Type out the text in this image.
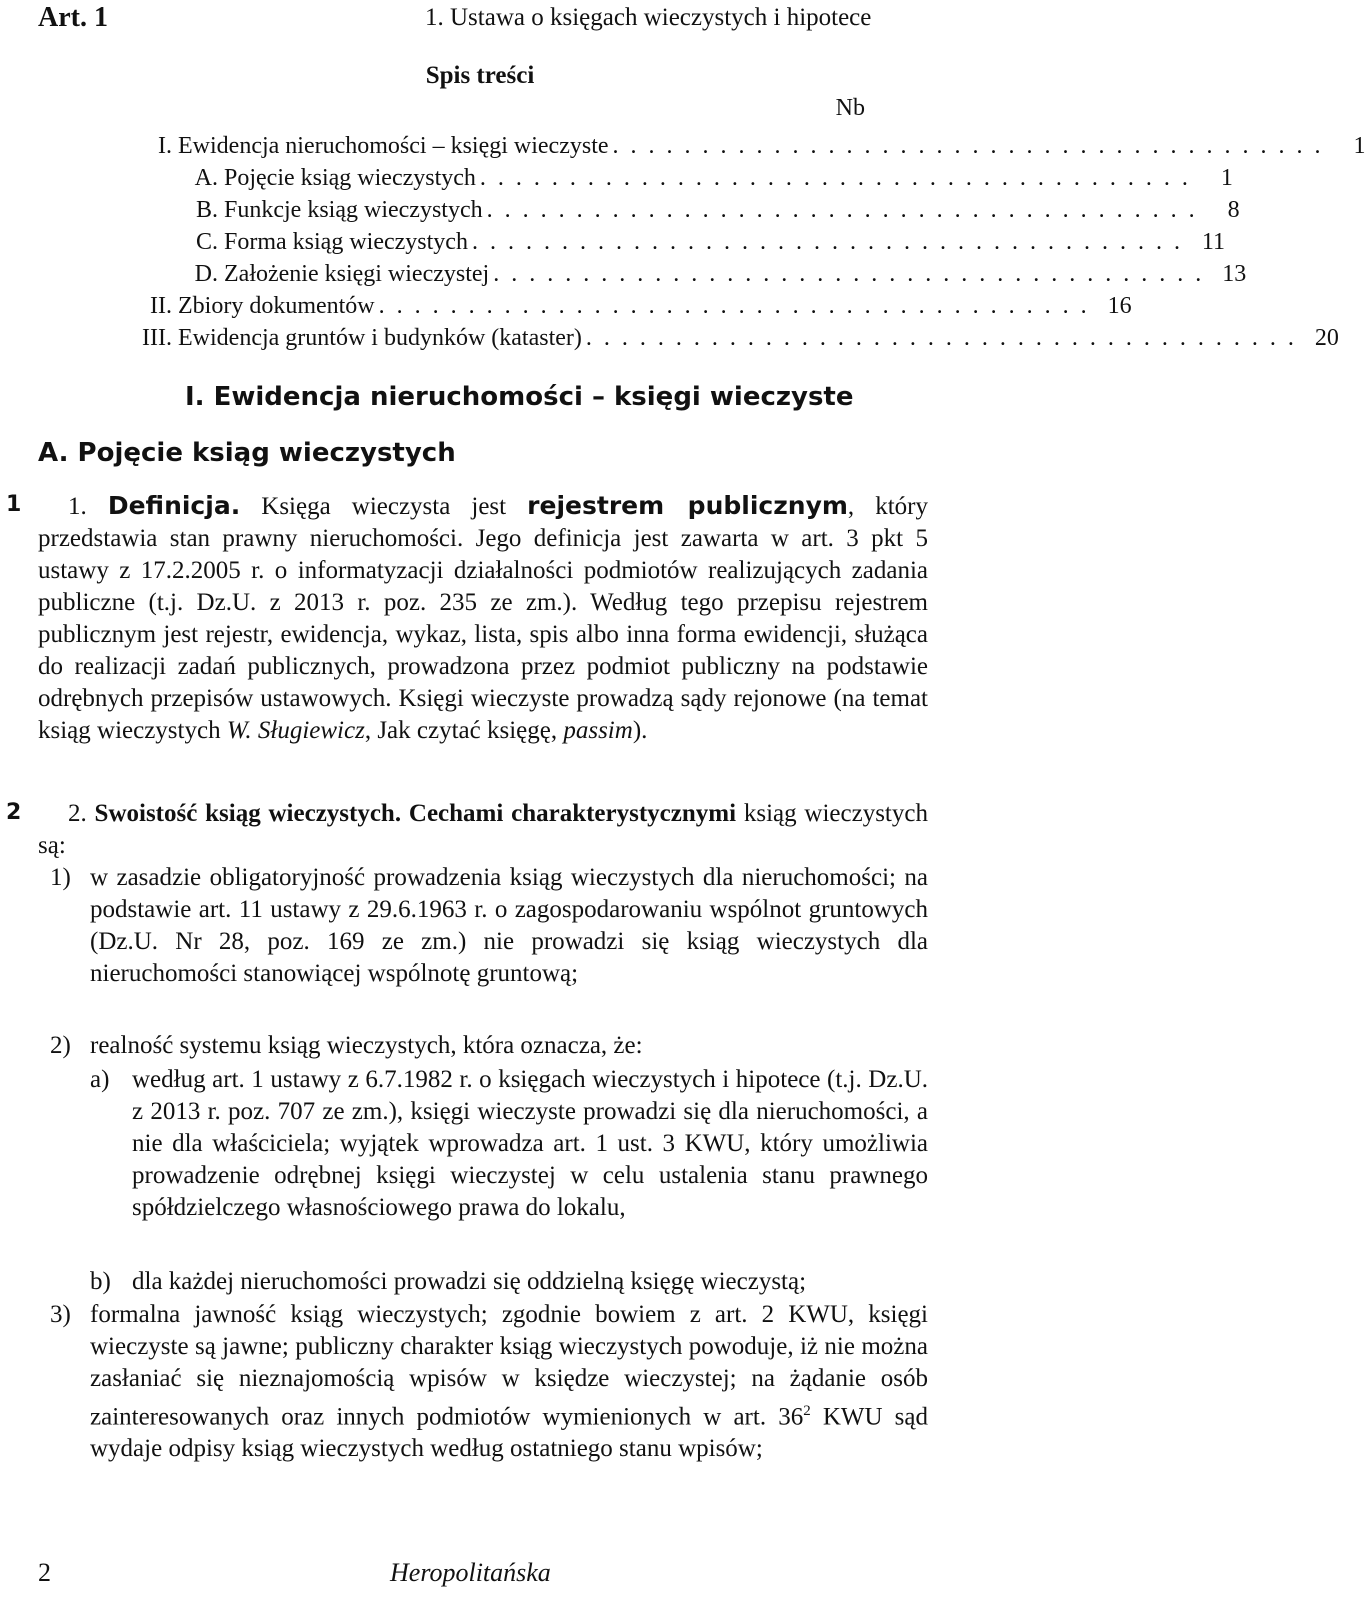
Art. 1	1. Ustawa o księgach wieczystych i hipotece
Spis treści
Nb
I. Ewidencja nieruchomości – księgi wieczyste . . . . . . . . . . . . . . . . . . . . . . . . . . . . . . . . . . . . . . . .	1
A. Pojęcie ksiąg wieczystych . . . . . . . . . . . . . . . . . . . . . . . . . . . . . . . . . . . . . . . .	1
B. Funkcje ksiąg wieczystych . . . . . . . . . . . . . . . . . . . . . . . . . . . . . . . . . . . . . . . .	8
C. Forma ksiąg wieczystych . . . . . . . . . . . . . . . . . . . . . . . . . . . . . . . . . . . . . . . . 11
D. Założenie księgi wieczystej . . . . . . . . . . . . . . . . . . . . . . . . . . . . . . . . . . . . . . . . 13
II. Zbiory dokumentów . . . . . . . . . . . . . . . . . . . . . . . . . . . . . . . . . . . . . . . . 16
III. Ewidencja gruntów i budynków (kataster) . . . . . . . . . . . . . . . . . . . . . . . . . . . . . . . . . . . . . . . . 20
I. Ewidencja nieruchomości – księgi wieczyste
A. Pojęcie ksiąg wieczystych
1
2
1. Definicja. Księga wieczysta jest rejestrem publicznym, który przedstawia stan prawny nieruchomości. Jego definicja jest zawarta w art. 3 pkt 5 ustawy z 17.2.2005 r. o informatyzacji działalności podmiotów realizujących zadania publiczne (t.j. Dz.U. z 2013 r. poz. 235 ze zm.). Według tego przepisu rejestrem publicznym jest rejestr, ewidencja, wykaz, lista, spis albo inna forma ewidencji, służąca do realizacji zadań publicznych, prowadzona przez podmiot publiczny na podstawie odrębnych przepisów ustawowych. Księgi wieczyste prowadzą sądy rejonowe (na temat ksiąg wieczystych W. Sługiewicz, Jak czytać księgę, passim).
2. Swoistość ksiąg wieczystych. Cechami charakterystycznymi ksiąg wieczystych są:
1) w zasadzie obligatoryjność prowadzenia ksiąg wieczystych dla nieruchomości; na podstawie art. 11 ustawy z 29.6.1963 r. o zagospodarowaniu wspólnot gruntowych (Dz.U. Nr 28, poz. 169 ze zm.) nie prowadzi się ksiąg wieczystych dla nieruchomości stanowiącej wspólnotę gruntową;
2) realność systemu ksiąg wieczystych, która oznacza, że:
a) według art. 1 ustawy z 6.7.1982 r. o księgach wieczystych i hipotece (t.j. Dz.U. z 2013 r. poz. 707 ze zm.), księgi wieczyste prowadzi się dla nieruchomości, a nie dla właściciela; wyjątek wprowadza art. 1 ust. 3 KWU, który umożliwia prowadzenie odrębnej księgi wieczystej w celu ustalenia stanu prawnego spółdzielczego własnościowego prawa do lokalu,
b) dla każdej nieruchomości prowadzi się oddzielną księgę wieczystą;
3) formalna jawność ksiąg wieczystych; zgodnie bowiem z art. 2 KWU, księgi wieczyste są jawne; publiczny charakter ksiąg wieczystych powoduje, iż nie można zasłaniać się nieznajomością wpisów w księdze wieczystej; na żądanie osób zainteresowanych oraz innych podmiotów wymienionych w art. $36^2$ KWU sąd wydaje odpisy ksiąg wieczystych według ostatniego stanu wpisów;
2	Heropolitańska
